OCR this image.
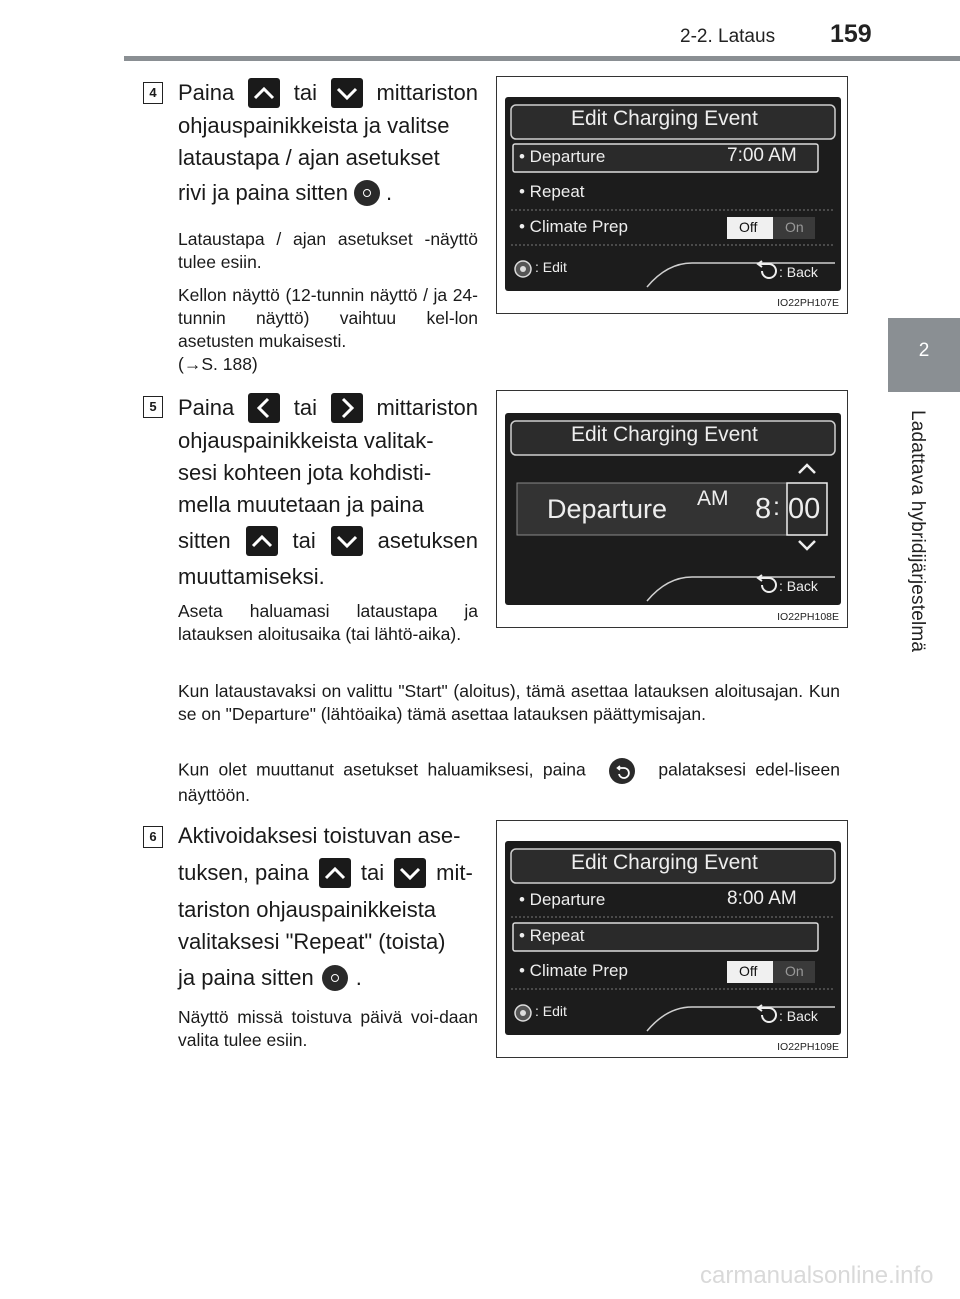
2-2. Lataus 159
2
Ladattava hybridijärjestelmä
4 Paina	tai	mittariston
ohjauspainikkeista ja valitse
lataustapa / ajan asetukset
rivi ja paina sitten .
Lataustapa / ajan asetukset -näyttö tulee esiin.
Kellon näyttö (12-tunnin näyttö / ja 24-tunnin näyttö) vaihtuu kel-lon asetusten mukaisesti.
(→S. 188)
Edit Charging Event
• Departure	7:00 AM
• Repeat
• Climate Prep	Off On
: Edit	: Back
IO22PH107E
5 Paina	tai	mittariston
ohjauspainikkeista valitak-
sesi kohteen jota kohdisti-
mella muutetaan ja paina
sitten	tai	asetuksen
muuttamiseksi.
Aseta haluamasi lataustapa ja latauksen aloitusaika (tai lähtö-aika).
Edit Charging Event
Departure AM 8 : 00
: Back
IO22PH108E
Kun lataustavaksi on valittu "Start" (aloitus), tämä asettaa latauksen aloitusajan. Kun se on "Departure" (lähtöaika) tämä asettaa latauksen päättymisajan.
Kun olet muuttanut asetukset haluamiksesi, paina	palataksesi edel-liseen näyttöön.
6 Aktivoidaksesi toistuvan ase-
tuksen, paina tai mit-
tariston ohjauspainikkeista
valitaksesi "Repeat" (toista)
ja paina sitten .
Näyttö missä toistuva päivä voi-daan valita tulee esiin.
Edit Charging Event
• Departure	8:00 AM
• Repeat
• Climate Prep	Off On
: Edit	: Back
IO22PH109E
carmanualsonline.info
